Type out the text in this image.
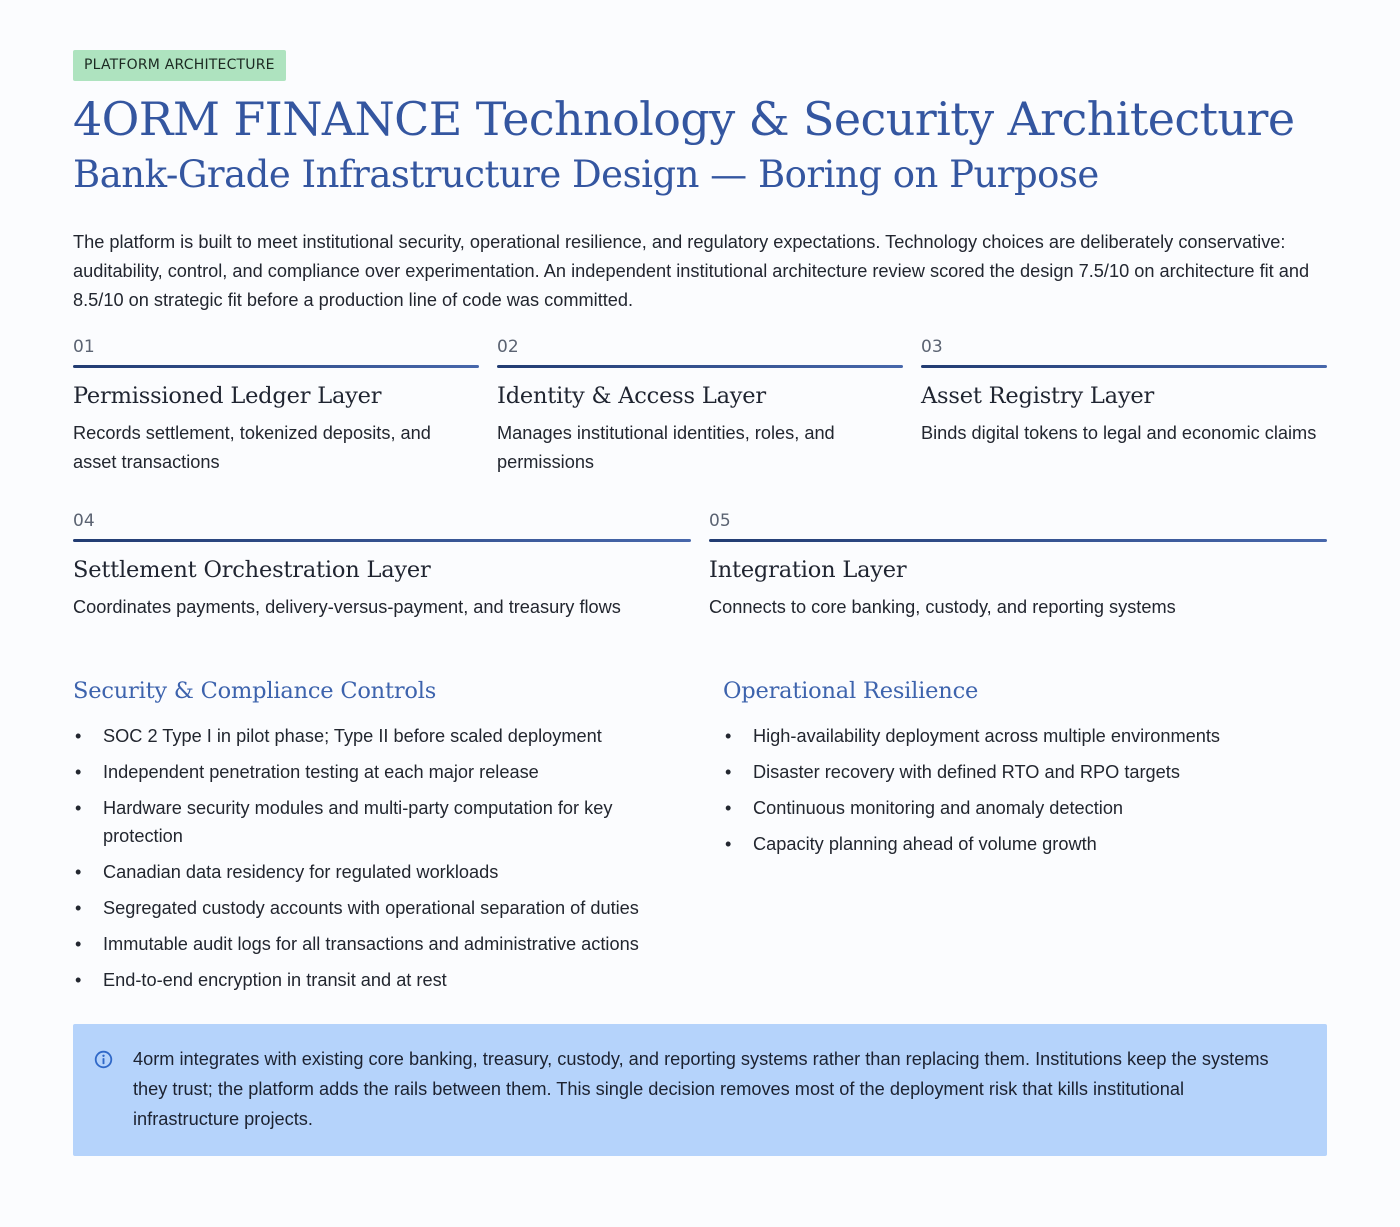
PLATFORM ARCHITECTURE
4ORM FINANCE Technology & Security Architecture
Bank-Grade Infrastructure Design — Boring on Purpose

The platform is built to meet institutional security, operational resilience, and regulatory expectations. Technology choices are deliberately conservative: auditability, control, and compliance over experimentation. An independent institutional architecture review scored the design 7.5/10 on architecture fit and 8.5/10 on strategic fit before a production line of code was committed.

01
Permissioned Ledger Layer
Records settlement, tokenized deposits, and asset transactions
02
Identity & Access Layer
Manages institutional identities, roles, and permissions
03
Asset Registry Layer
Binds digital tokens to legal and economic claims
04
Settlement Orchestration Layer
Coordinates payments, delivery-versus-payment, and treasury flows
05
Integration Layer
Connects to core banking, custody, and reporting systems
Security & Compliance Controls
• SOC 2 Type I in pilot phase; Type II before scaled deployment
• Independent penetration testing at each major release
• Hardware security modules and multi-party computation for key protection
• Canadian data residency for regulated workloads
• Segregated custody accounts with operational separation of duties
• Immutable audit logs for all transactions and administrative actions
• End-to-end encryption in transit and at rest
Operational Resilience
• High-availability deployment across multiple environments
• Disaster recovery with defined RTO and RPO targets
• Continuous monitoring and anomaly detection
• Capacity planning ahead of volume growth
4orm integrates with existing core banking, treasury, custody, and reporting systems rather than replacing them. Institutions keep the systems they trust; the platform adds the rails between them. This single decision removes most of the deployment risk that kills institutional infrastructure projects.
